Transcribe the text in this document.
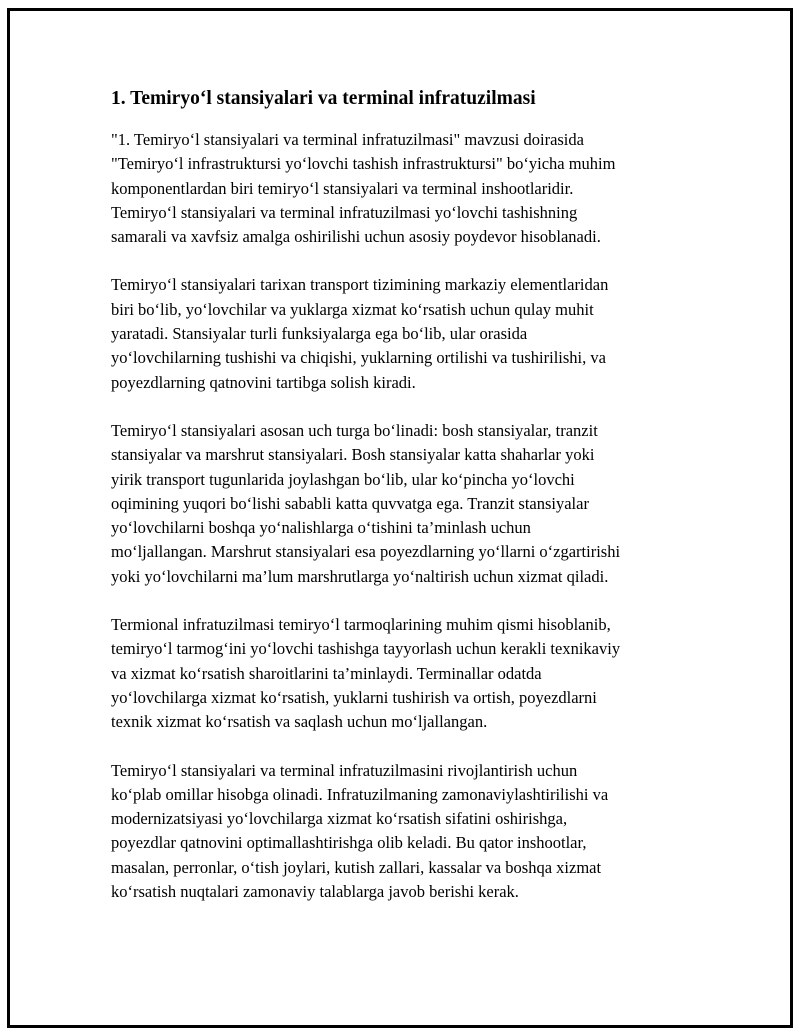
1. Temiryo‘l stansiyalari va terminal infratuzilmasi

"1. Temiryo‘l stansiyalari va terminal infratuzilmasi" mavzusi doirasida
"Temiryo‘l infrastruktursi yo‘lovchi tashish infrastruktursi" bo‘yicha muhim
komponentlardan biri temiryo‘l stansiyalari va terminal inshootlaridir.
Temiryo‘l stansiyalari va terminal infratuzilmasi yo‘lovchi tashishning
samarali va xavfsiz amalga oshirilishi uchun asosiy poydevor hisoblanadi.

Temiryo‘l stansiyalari tarixan transport tizimining markaziy elementlaridan
biri bo‘lib, yo‘lovchilar va yuklarga xizmat ko‘rsatish uchun qulay muhit
yaratadi. Stansiyalar turli funksiyalarga ega bo‘lib, ular orasida
yo‘lovchilarning tushishi va chiqishi, yuklarning ortilishi va tushirilishi, va
poyezdlarning qatnovini tartibga solish kiradi.

Temiryo‘l stansiyalari asosan uch turga bo‘linadi: bosh stansiyalar, tranzit
stansiyalar va marshrut stansiyalari. Bosh stansiyalar katta shaharlar yoki
yirik transport tugunlarida joylashgan bo‘lib, ular ko‘pincha yo‘lovchi
oqimining yuqori bo‘lishi sababli katta quvvatga ega. Tranzit stansiyalar
yo‘lovchilarni boshqa yo‘nalishlarga o‘tishini ta’minlash uchun
mo‘ljallangan. Marshrut stansiyalari esa poyezdlarning yo‘llarni o‘zgartirishi
yoki yo‘lovchilarni ma’lum marshrutlarga yo‘naltirish uchun xizmat qiladi.

Termional infratuzilmasi temiryo‘l tarmoqlarining muhim qismi hisoblanib,
temiryo‘l tarmog‘ini yo‘lovchi tashishga tayyorlash uchun kerakli texnikaviy
va xizmat ko‘rsatish sharoitlarini ta’minlaydi. Terminallar odatda
yo‘lovchilarga xizmat ko‘rsatish, yuklarni tushirish va ortish, poyezdlarni
texnik xizmat ko‘rsatish va saqlash uchun mo‘ljallangan.

Temiryo‘l stansiyalari va terminal infratuzilmasini rivojlantirish uchun
ko‘plab omillar hisobga olinadi. Infratuzilmaning zamonaviylashtirilishi va
modernizatsiyasi yo‘lovchilarga xizmat ko‘rsatish sifatini oshirishga,
poyezdlar qatnovini optimallashtirishga olib keladi. Bu qator inshootlar,
masalan, perronlar, o‘tish joylari, kutish zallari, kassalar va boshqa xizmat
ko‘rsatish nuqtalari zamonaviy talablarga javob berishi kerak.
